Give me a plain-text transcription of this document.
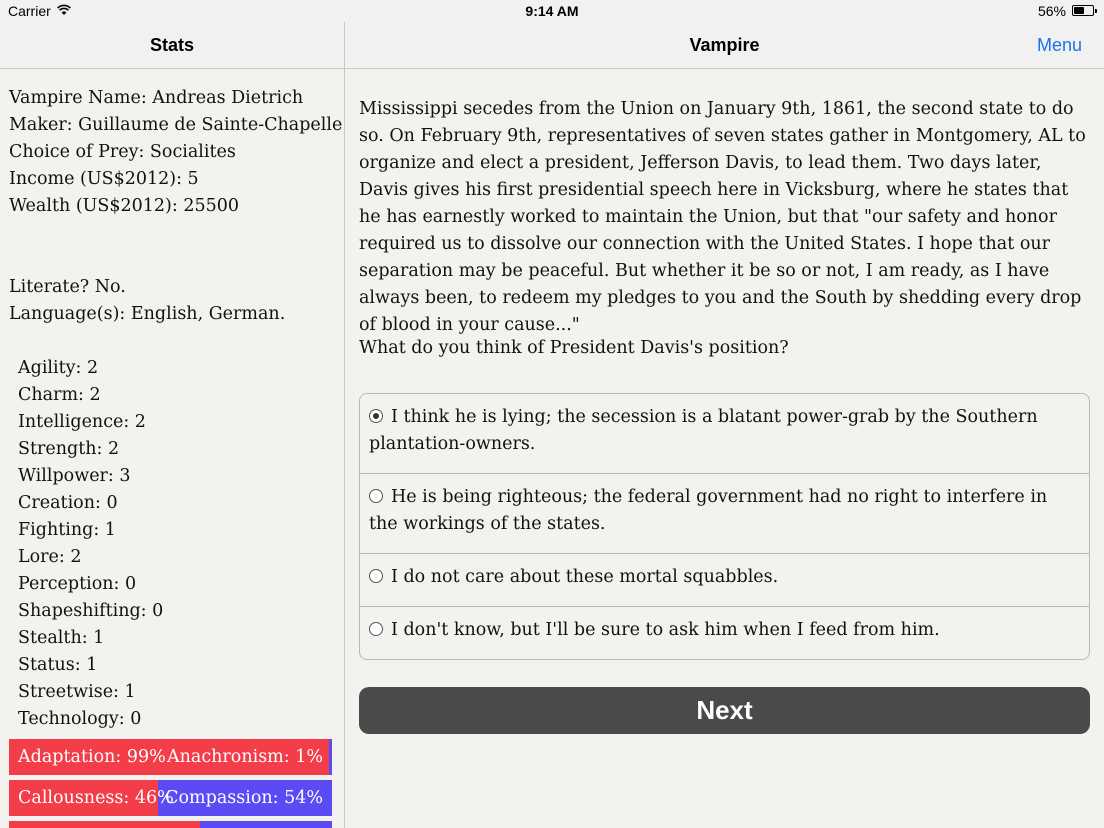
Carrier	9:14 AM	56%
Stats	Vampire	Menu
Vampire Name: Andreas Dietrich
Maker: Guillaume de Sainte-Chapelle
Choice of Prey: Socialites
Income (US$2012): 5
Wealth (US$2012): 25500
Literate? No.
Language(s): English, German.
Agility: 2
Charm: 2
Intelligence: 2
Strength: 2
Willpower: 3
Creation: 0
Fighting: 1
Lore: 2
Perception: 0
Shapeshifting: 0
Stealth: 1
Status: 1
Streetwise: 1
Technology: 0
Adaptation: 99% Anachronism: 1%
Callousness: 46%
Compassion: 54%

Mississippi secedes from the Union on January 9th, 1861, the second state to do so. On February 9th, representatives of seven states gather in Montgomery, AL to organize and elect a president, Jefferson Davis, to lead them. Two days later, Davis gives his first presidential speech here in Vicksburg, where he states that he has earnestly worked to maintain the Union, but that "our safety and honor required us to dissolve our connection with the United States. I hope that our separation may be peaceful. But whether it be so or not, I am ready, as I have always been, to redeem my pledges to you and the South by shedding every drop of blood in your cause..."

What do you think of President Davis's position?

I think he is lying; the secession is a blatant power-grab by the Southern plantation-owners.
He is being righteous; the federal government had no right to interfere in the workings of the states.
I do not care about these mortal squabbles.
I don't know, but I'll be sure to ask him when I feed from him.
Next
